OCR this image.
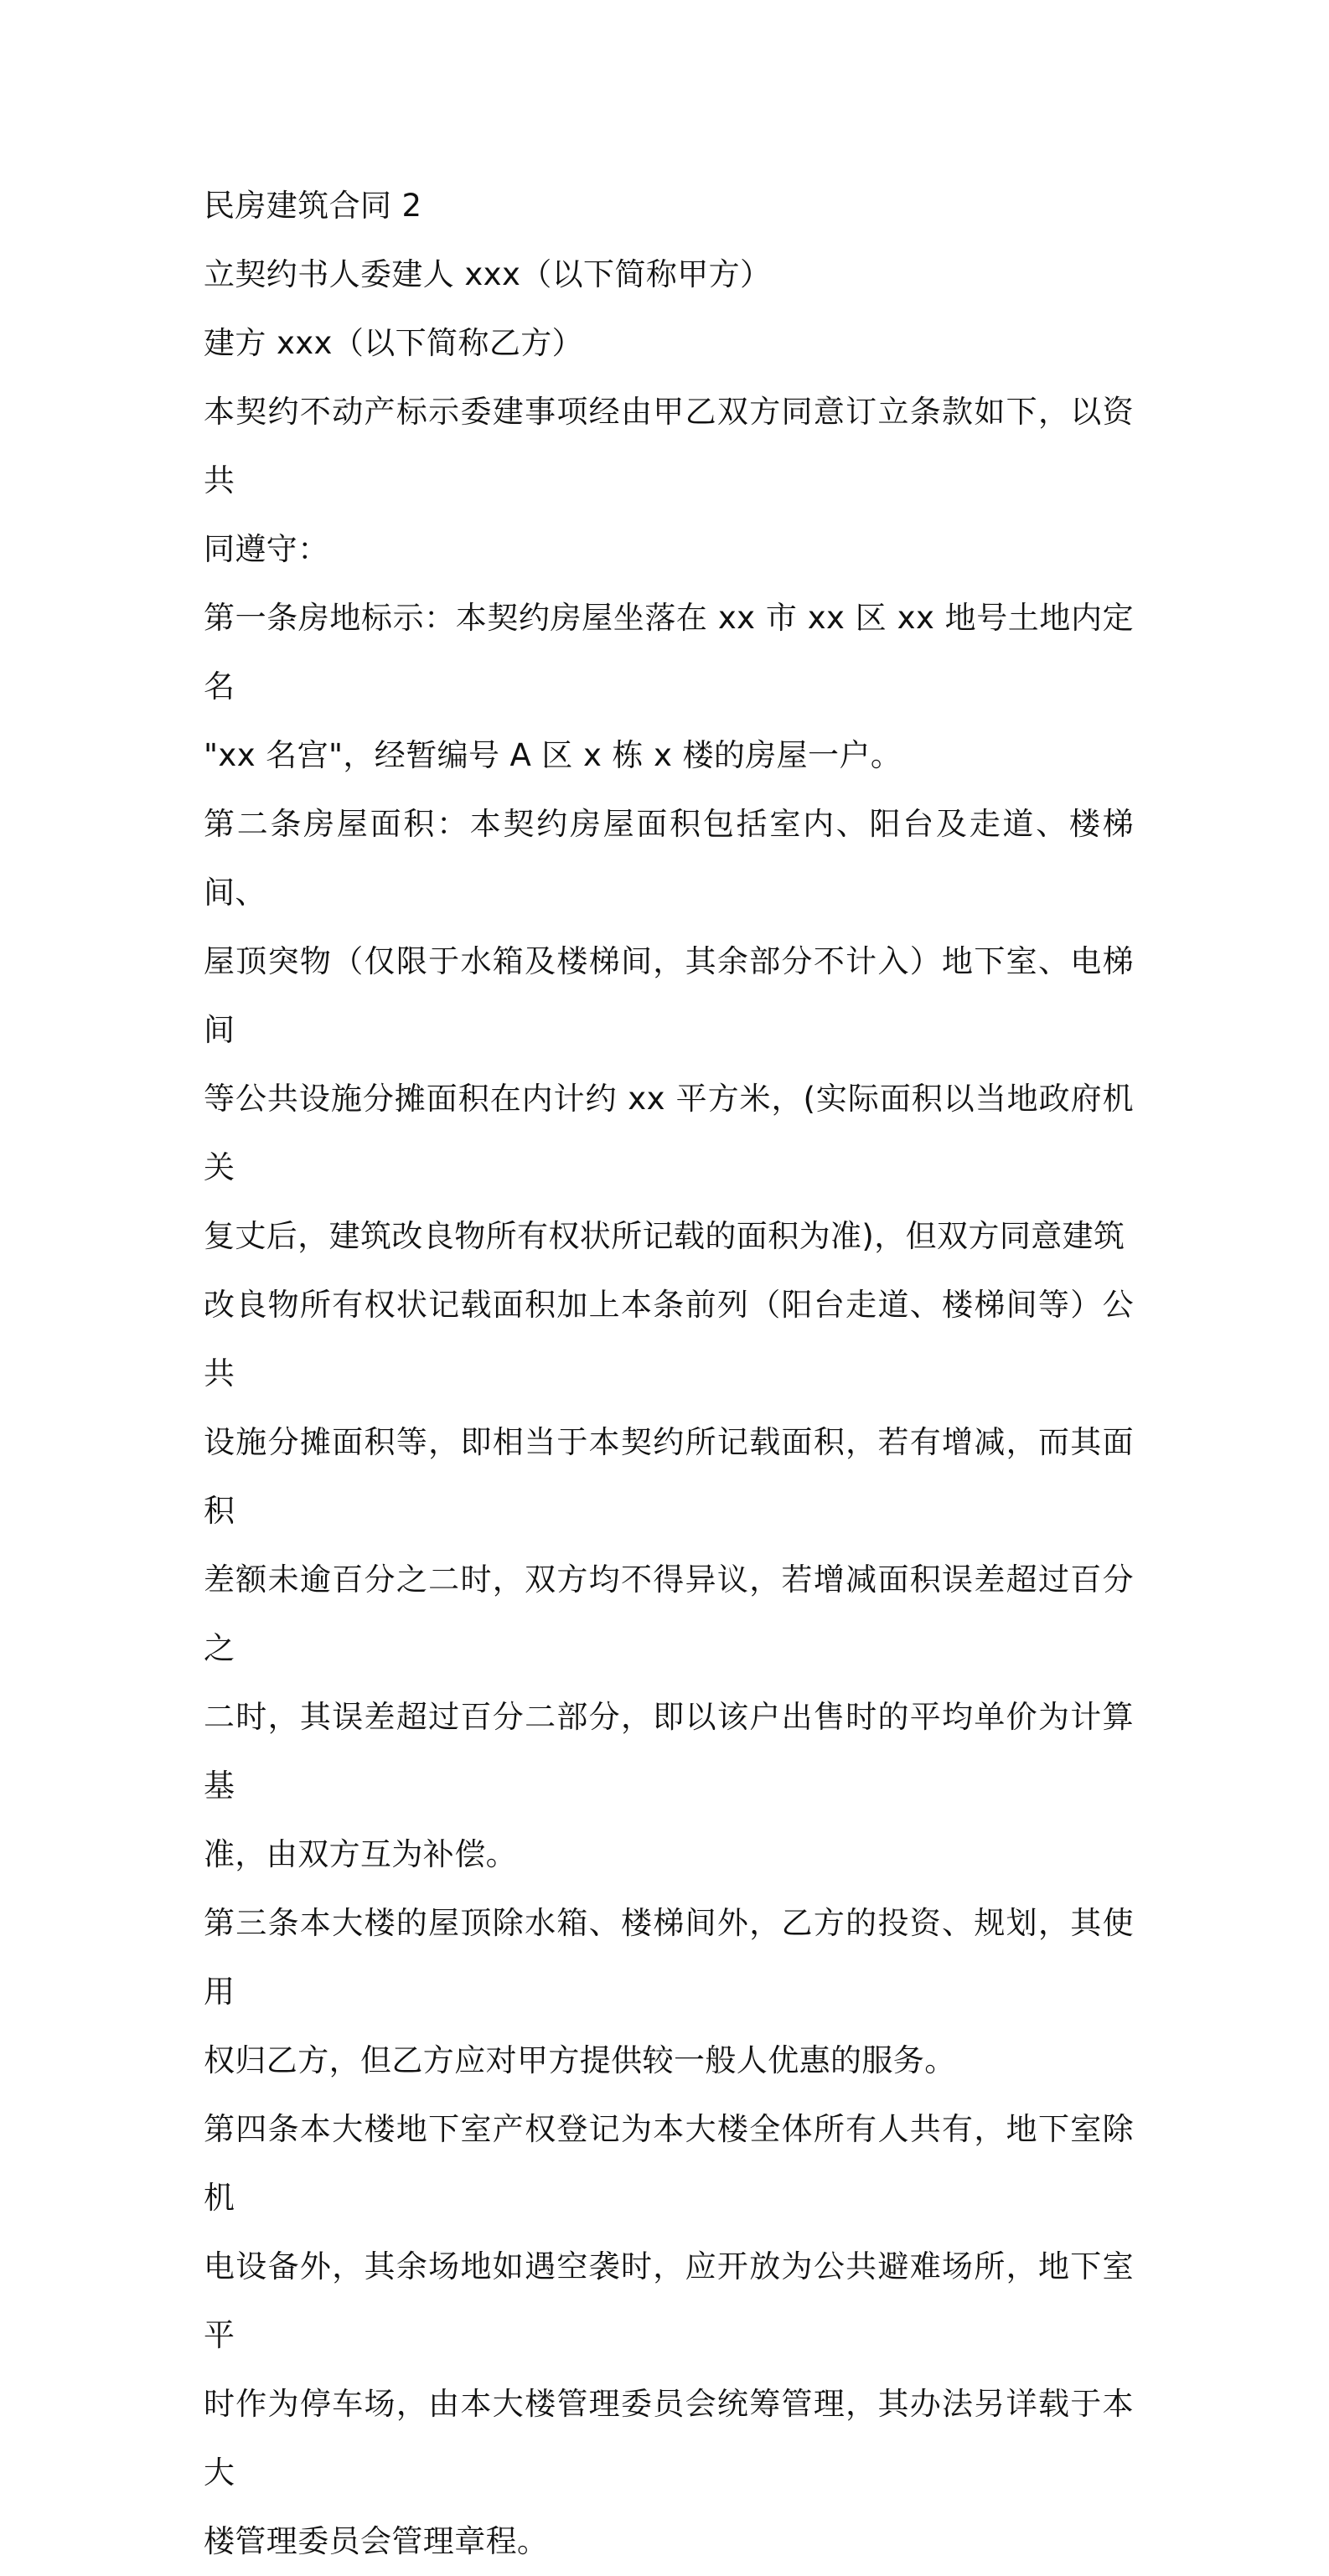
民房建筑合同 2

立契约书人委建人 xxx（以下简称甲方）

建方 xxx（以下简称乙方）

本契约不动产标示委建事项经由甲乙双方同意订立条款如下，以资共
同遵守：

第一条房地标示：本契约房屋坐落在 xx 市 xx 区 xx 地号土地内定名
"xx 名宫"，经暂编号 A 区 x 栋 x 楼的房屋一户。

第二条房屋面积：本契约房屋面积包括室内、阳台及走道、楼梯间、
屋顶突物（仅限于水箱及楼梯间，其余部分不计入）地下室、电梯间
等公共设施分摊面积在内计约 xx 平方米，(实际面积以当地政府机关
复丈后，建筑改良物所有权状所记载的面积为准)，但双方同意建筑
改良物所有权状记载面积加上本条前列（阳台走道、楼梯间等）公共
设施分摊面积等，即相当于本契约所记载面积，若有增减，而其面积
差额未逾百分之二时，双方均不得异议，若增减面积误差超过百分之
二时，其误差超过百分二部分，即以该户出售时的平均单价为计算基
准，由双方互为补偿。

第三条本大楼的屋顶除水箱、楼梯间外，乙方的投资、规划，其使用
权归乙方，但乙方应对甲方提供较一般人优惠的服务。

第四条本大楼地下室产权登记为本大楼全体所有人共有，地下室除机
电设备外，其余场地如遇空袭时，应开放为公共避难场所，地下室平
时作为停车场，由本大楼管理委员会统筹管理，其办法另详载于本大
楼管理委员会管理章程。
